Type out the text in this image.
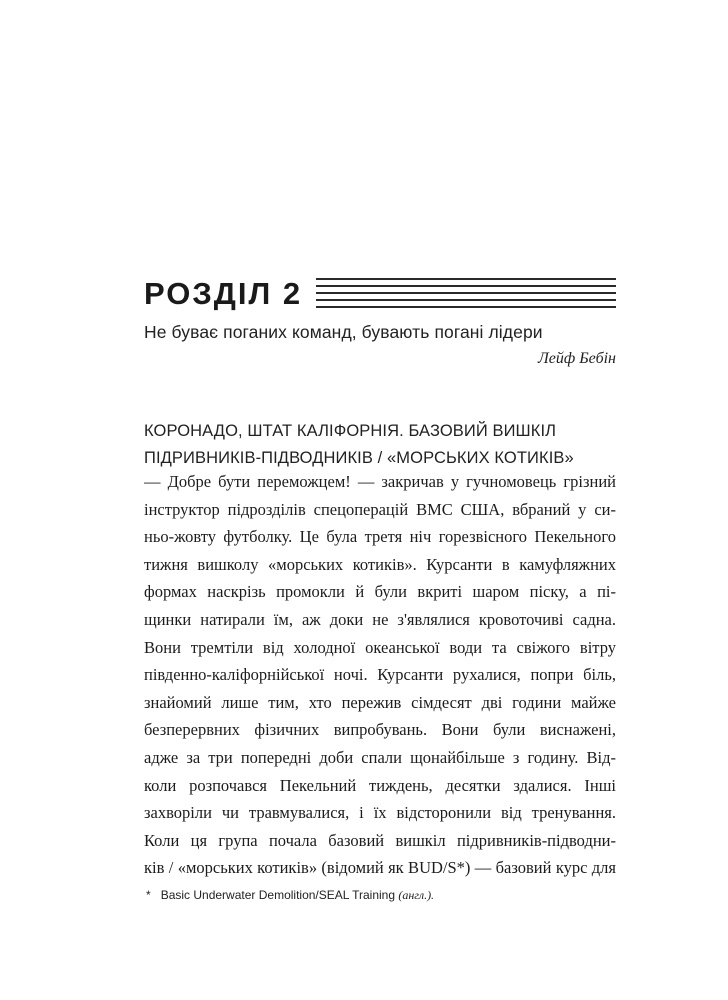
РОЗДІЛ 2
Не буває поганих команд, бувають погані лідери
Лейф Бебін
КОРОНАДО, ШТАТ КАЛІФОРНІЯ. БАЗОВИЙ ВИШКІЛ
ПІДРИВНИКІВ-ПІДВОДНИКІВ / «МОРСЬКИХ КОТИКІВ»
— Добре бути переможцем! — закричав у гучномовець грізний
інструктор підрозділів спецоперацій ВМС США, вбраний у си-
ньо-жовту футболку. Це була третя ніч горезвісного Пекельного
тижня вишколу «морських котиків». Курсанти в камуфляжних
формах наскрізь промокли й були вкриті шаром піску, а пі-
щинки натирали їм, аж доки не з'являлися кровоточиві садна.
Вони тремтіли від холодної океанської води та свіжого вітру
південно-каліфорнійської ночі. Курсанти рухалися, попри біль,
знайомий лише тим, хто пережив сімдесят дві години майже
безперервних фізичних випробувань. Вони були виснажені,
адже за три попередні доби спали щонайбільше з годину. Від-
коли розпочався Пекельний тиждень, десятки здалися. Інші
захворіли чи травмувалися, і їх відсторонили від тренування.
Коли ця група почала базовий вишкіл підривників-підводни-
ків / «морських котиків» (відомий як BUD/S*) — базовий курс для
* Basic Underwater Demolition/SEAL Training (англ.).
